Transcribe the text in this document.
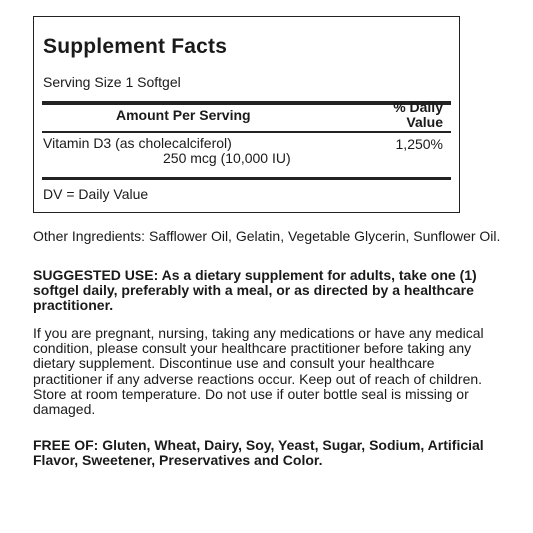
Supplement Facts
Serving Size 1 Softgel
Amount Per Serving	% Daily
Value
Vitamin D3 (as cholecalciferol)
250 mcg (10,000 IU)
1,250%
DV = Daily Value

Other Ingredients: Safflower Oil, Gelatin, Vegetable Glycerin, Sunflower Oil.

SUGGESTED USE: As a dietary supplement for adults, take one (1) softgel daily, preferably with a meal, or as directed by a healthcare practitioner.

If you are pregnant, nursing, taking any medications or have any medical condition, please consult your healthcare practitioner before taking any dietary supplement. Discontinue use and consult your healthcare practitioner if any adverse reactions occur. Keep out of reach of children. Store at room temperature. Do not use if outer bottle seal is missing or damaged.

FREE OF: Gluten, Wheat, Dairy, Soy, Yeast, Sugar, Sodium, Artificial Flavor, Sweetener, Preservatives and Color.
